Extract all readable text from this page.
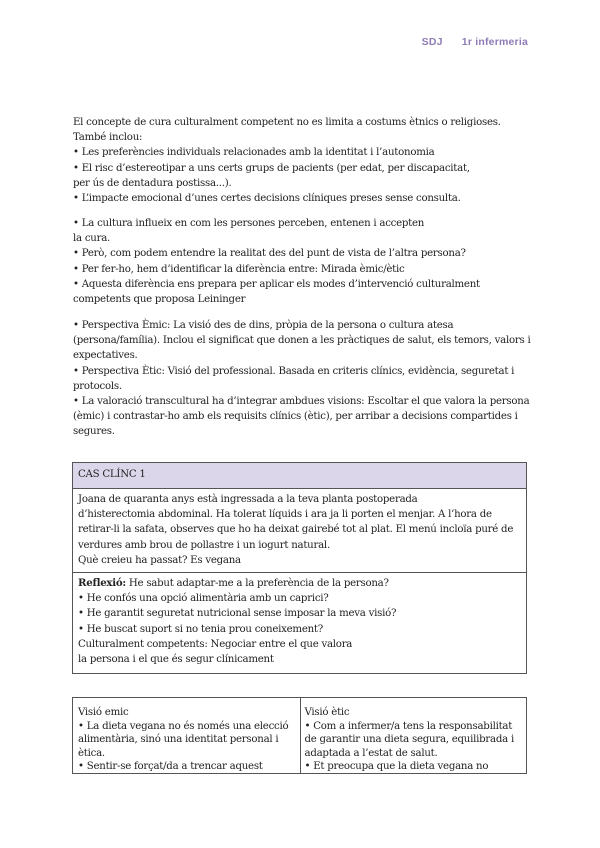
SDJ 1r infermeria

El concepte de cura culturalment competent no es limita a costums ètnics o religioses.

També inclou:

• Les preferències individuals relacionades amb la identitat i l’autonomia

• El risc d’estereotipar a uns certs grups de pacients (per edat, per discapacitat,

per ús de dentadura postissa...).

• L’impacte emocional d’unes certes decisions clíniques preses sense consulta.

• La cultura influeix en com les persones perceben, entenen i accepten

la cura.

• Però, com podem entendre la realitat des del punt de vista de l’altra persona?

• Per fer-ho, hem d’identificar la diferència entre: Mirada èmic/ètic

• Aquesta diferència ens prepara per aplicar els modes d’intervenció culturalment

competents que proposa Leininger

• Perspectiva Èmic: La visió des de dins, pròpia de la persona o cultura atesa

(persona/família). Inclou el significat que donen a les pràctiques de salut, els temors, valors i

expectatives.

• Perspectiva Ètic: Visió del professional. Basada en criteris clínics, evidència, seguretat i

protocols.

• La valoració transcultural ha d’integrar ambdues visions: Escoltar el que valora la persona

(èmic) i contrastar-ho amb els requisits clínics (ètic), per arribar a decisions compartides i

segures.

CAS CLÍNC 1

Joana de quaranta anys està ingressada a la teva planta postoperada

d’histerectomia abdominal. Ha tolerat líquids i ara ja li porten el menjar. A l’hora de

retirar-li la safata, observes que ho ha deixat gairebé tot al plat. El menú incloïa puré de

verdures amb brou de pollastre i un iogurt natural.

Què creieu ha passat? Es vegana

Reflexió: He sabut adaptar-me a la preferència de la persona?

• He confós una opció alimentària amb un caprici?

• He garantit seguretat nutricional sense imposar la meva visió?

• He buscat suport si no tenia prou coneixement?

Culturalment competents: Negociar entre el que valora

la persona i el que és segur clínicament

Visió emic

• La dieta vegana no és només una elecció

alimentària, sinó una identitat personal i

ètica.

• Sentir-se forçat/da a trencar aquest

Visió ètic

• Com a infermer/a tens la responsabilitat

de garantir una dieta segura, equilibrada i

adaptada a l’estat de salut.

• Et preocupa que la dieta vegana no
